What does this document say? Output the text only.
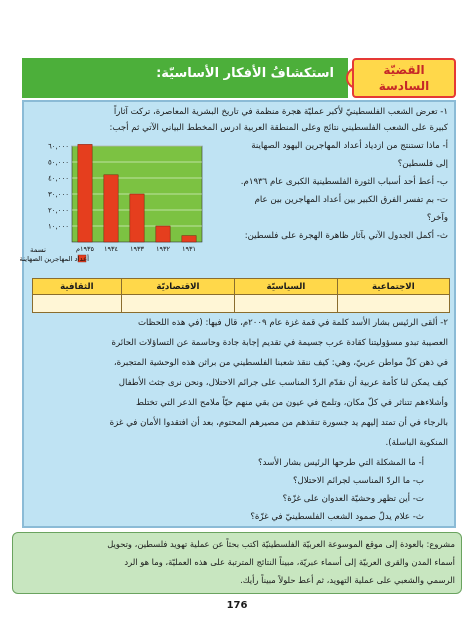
استكشافُ الأفكار الأساسيّة:	القضيّة
السادسة
١- تعرض الشعب الفلسطينيّ لأكبر عمليّة هجرة منظمة في تاريخ البشرية المعاصرة، تركت آثاراً
كبيرة على الشعب الفلسطيني نتائج وعلى المنطقة العربية ادرس المخطط البياني الآتي ثم أجب:
أ- ماذا تستنتج من ازدياد أعداد المهاجرين اليهود الصهاينة
إلى فلسطين؟
ب- أعط أحد أسباب الثورة الفلسطينية الكبرى عام ١٩٣٦م.
ت- بم تفسر الفرق الكبير بين أعداد المهاجرين بين عام
وآخر؟
ث- أكمل الجدول الآتي بآثار ظاهرة الهجرة على فلسطين:
٦٠,٠٠٠
٥٠,٠٠٠
٤٠,٠٠٠
٣٠,٠٠٠
٢٠,٠٠٠
١٠,٠٠٠
نسمة	١٩٣١
١٩٣٢
١٩٣٣
١٩٣٤
١٩٣٥م
أعداد المهاجرين الصهاينة
الاجتماعية	السياسيّة	الاقتصاديّة	الثقافية

٢- ألقى الرئيس بشار الأسد كلمة في قمة غزة عام ٢٠٠٩م، قال فيها: (في هذه اللحظات
العصيبة تبدو مسؤوليتنا كقادة عرب جسيمة في تقديم إجابة جادة وحاسمة عن التساؤلات الحائرة
في ذهن كلّ مواطن عربيّ، وهي: كيف ننقذ شعبنا الفلسطيني من براثن هذه الوحشية المتجبرة،
كيف يمكن لنا كأمة عربية أن نقدّم الردّ المناسب على جرائم الاحتلال، ونحن نرى جثث الأطفال
وأشلاءهم تتناثر في كلّ مكان، وتلمح في عيون من بقي منهم حيّاً ملامح الذعر التي تختلط
بالرجاء في أن تمتد إليهم يد جسورة تنقذهم من مصيرهم المحتوم، بعد أن افتقدوا الأمان في غزة
المنكوبة الباسلة).
أ- ما المشكلة التي طرحها الرئيس بشار الأسد؟
ب- ما الردّ المناسب لجرائم الاحتلال؟
ت- أين تظهر وحشيّة العدوان على غزّة؟
ث- علام يدلّ صمود الشعب الفلسطينيّ في غزّة؟
مشروع: بالعودة إلى موقع الموسوعة العربيّة الفلسطينيّة اكتب بحثاً عن عملية تهويد فلسطين، وتحويل
أسماء المدن والقرى العربيّة إلى أسماء عبريّة، مبيناً النتائج المترتبة على هذه العمليّة، وما هو الرد
الرسمي والشعبي على عملية التهويد، ثم أعط حلولاً مبيناً رأيك.
176
